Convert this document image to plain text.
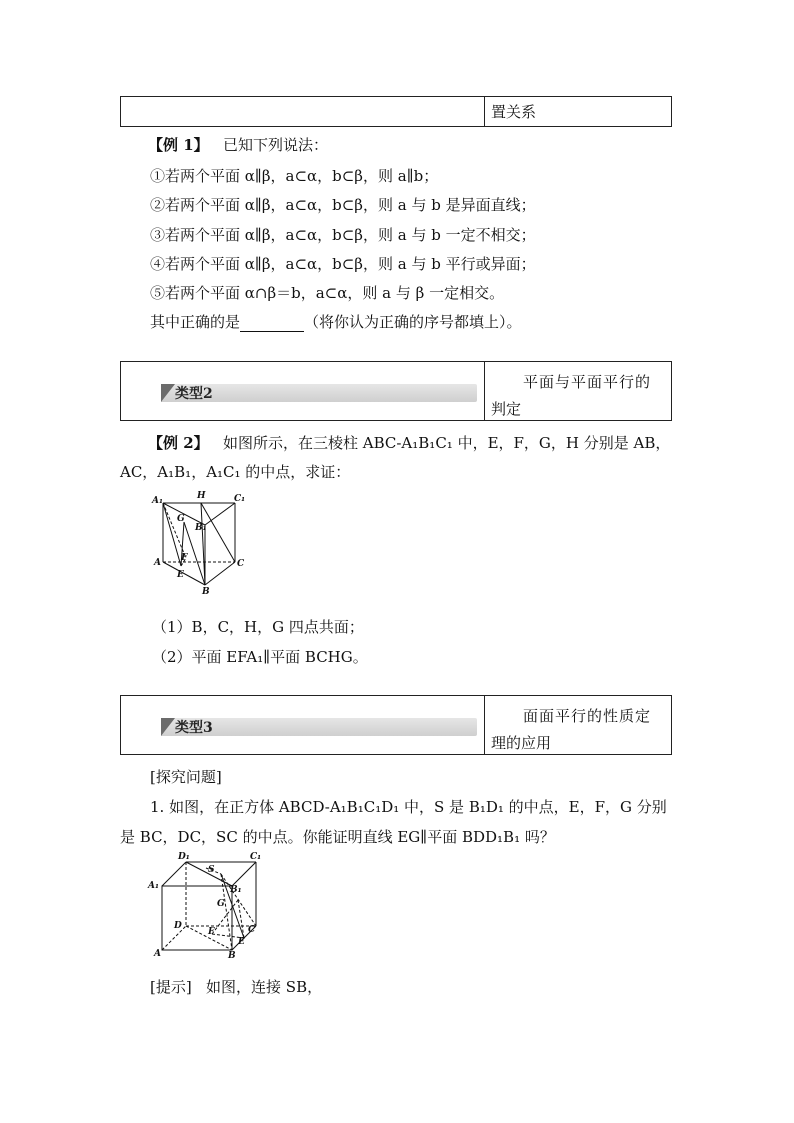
置关系
【例 1】 已知下列说法：
①若两个平面 α∥β，a⊂α，b⊂β，则 a∥b；
②若两个平面 α∥β，a⊂α，b⊂β，则 a 与 b 是异面直线；
③若两个平面 α∥β，a⊂α，b⊂β，则 a 与 b 一定不相交；
④若两个平面 α∥β，a⊂α，b⊂β，则 a 与 b 平行或异面；
⑤若两个平面 α∩β＝b，a⊂α，则 a 与 β 一定相交。
其中正确的是	（将你认为正确的序号都填上）。
类型2
平面与平面平行的
判定
【例 2】 如图所示，在三棱柱 ABC-A₁B₁C₁ 中，E，F，G，H 分别是 AB，
AC，A₁B₁，A₁C₁ 的中点，求证：
A₁	H	C₁
G
B₁
F
A	C
E
B
（1）B，C，H，G 四点共面；
（2）平面 EFA₁∥平面 BCHG。
类型3
面面平行的性质定
理的应用
[探究问题]
1. 如图，在正方体 ABCD-A₁B₁C₁D₁ 中，S 是 B₁D₁ 的中点，E，F，G 分别
是 BC，DC，SC 的中点。你能证明直线 EG∥平面 BDD₁B₁ 吗？
D₁
S
C₁
A₁	B₁
G
D	C
F
E
A	B
[提示] 如图，连接 SB，
